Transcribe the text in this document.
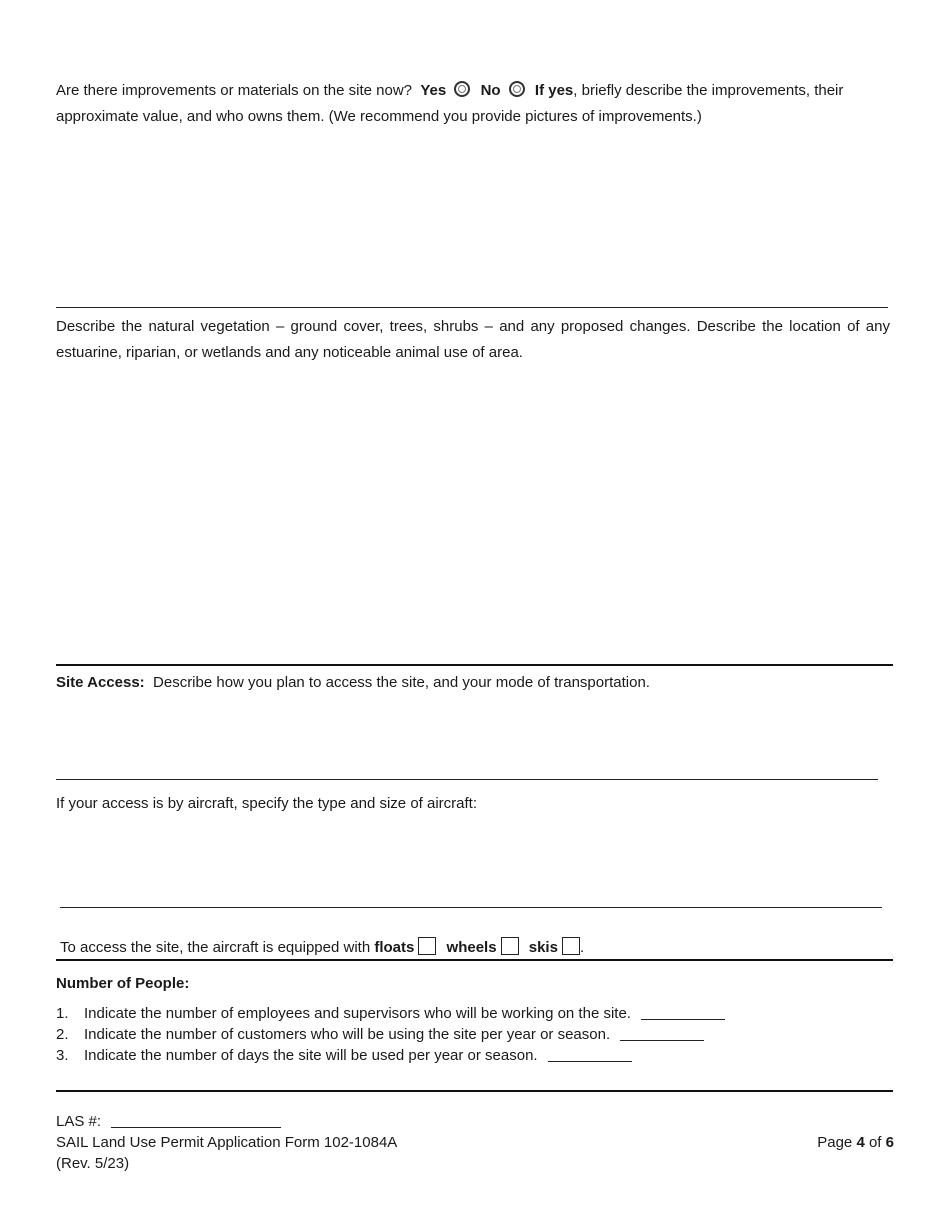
Are there improvements or materials on the site now? Yes No If yes, briefly describe the improvements, their approximate value, and who owns them. (We recommend you provide pictures of improvements.)
Describe the natural vegetation – ground cover, trees, shrubs – and any proposed changes. Describe the location of any estuarine, riparian, or wetlands and any noticeable animal use of area.
Site Access: Describe how you plan to access the site, and your mode of transportation.
If your access is by aircraft, specify the type and size of aircraft:
To access the site, the aircraft is equipped with floats wheels skis .
Number of People:
1. Indicate the number of employees and supervisors who will be working on the site.
2. Indicate the number of customers who will be using the site per year or season.
3. Indicate the number of days the site will be used per year or season.
LAS #:
SAIL Land Use Permit Application Form 102-1084A
(Rev. 5/23)
Page 4 of 6
